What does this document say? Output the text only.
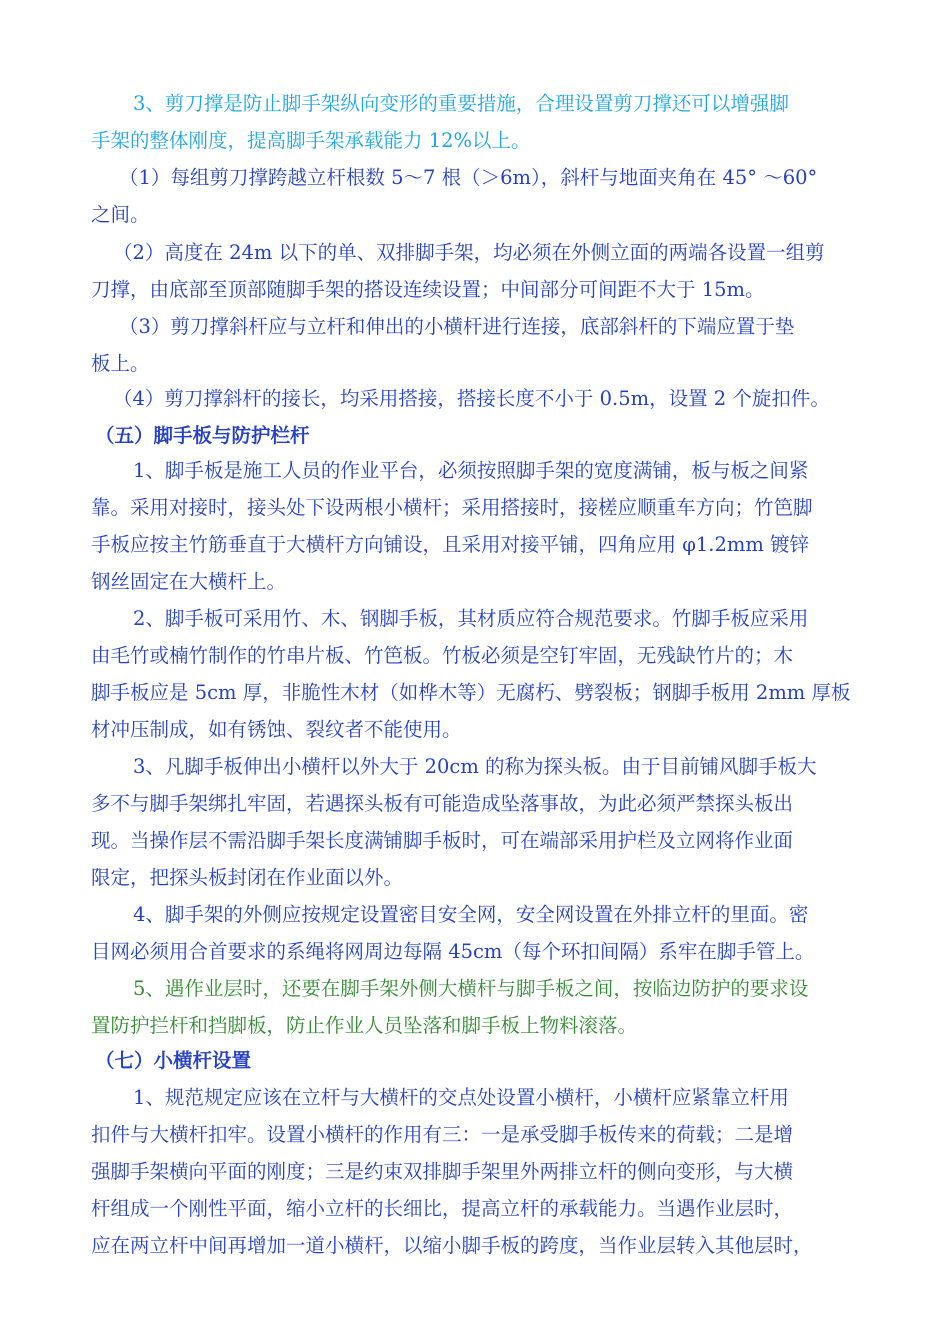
3、剪刀撑是防止脚手架纵向变形的重要措施，合理设置剪刀撑还可以增强脚
手架的整体刚度，提高脚手架承载能力 12%以上。
（1）每组剪刀撑跨越立杆根数 5～7 根（＞6m），斜杆与地面夹角在 45° ～60°
之间。
（2）高度在 24m 以下的单、双排脚手架，均必须在外侧立面的两端各设置一组剪
刀撑，由底部至顶部随脚手架的搭设连续设置；中间部分可间距不大于 15m。
（3）剪刀撑斜杆应与立杆和伸出的小横杆进行连接，底部斜杆的下端应置于垫
板上。
（4）剪刀撑斜杆的接长，均采用搭接，搭接长度不小于 0.5m，设置 2 个旋扣件。
（五）脚手板与防护栏杆
1、脚手板是施工人员的作业平台，必须按照脚手架的宽度满铺，板与板之间紧
靠。采用对接时，接头处下设两根小横杆；采用搭接时，接槎应顺重车方向；竹笆脚
手板应按主竹筋垂直于大横杆方向铺设，且采用对接平铺，四角应用 φ1.2mm 镀锌
钢丝固定在大横杆上。
2、脚手板可采用竹、木、钢脚手板，其材质应符合规范要求。竹脚手板应采用
由毛竹或楠竹制作的竹串片板、竹笆板。竹板必须是空钉牢固，无残缺竹片的；木
脚手板应是 5cm 厚，非脆性木材（如桦木等）无腐朽、劈裂板；钢脚手板用 2mm 厚板
材冲压制成，如有锈蚀、裂纹者不能使用。
3、凡脚手板伸出小横杆以外大于 20cm 的称为探头板。由于目前铺风脚手板大
多不与脚手架绑扎牢固，若遇探头板有可能造成坠落事故，为此必须严禁探头板出
现。当操作层不需沿脚手架长度满铺脚手板时，可在端部采用护栏及立网将作业面
限定，把探头板封闭在作业面以外。
4、脚手架的外侧应按规定设置密目安全网，安全网设置在外排立杆的里面。密
目网必须用合首要求的系绳将网周边每隔 45cm（每个环扣间隔）系牢在脚手管上。
5、遇作业层时，还要在脚手架外侧大横杆与脚手板之间，按临边防护的要求设
置防护拦杆和挡脚板，防止作业人员坠落和脚手板上物料滚落。
（七）小横杆设置
1、规范规定应该在立杆与大横杆的交点处设置小横杆，小横杆应紧靠立杆用
扣件与大横杆扣牢。设置小横杆的作用有三：一是承受脚手板传来的荷载；二是增
强脚手架横向平面的刚度；三是约束双排脚手架里外两排立杆的侧向变形，与大横
杆组成一个刚性平面，缩小立杆的长细比，提高立杆的承载能力。当遇作业层时，
应在两立杆中间再增加一道小横杆，以缩小脚手板的跨度，当作业层转入其他层时，
